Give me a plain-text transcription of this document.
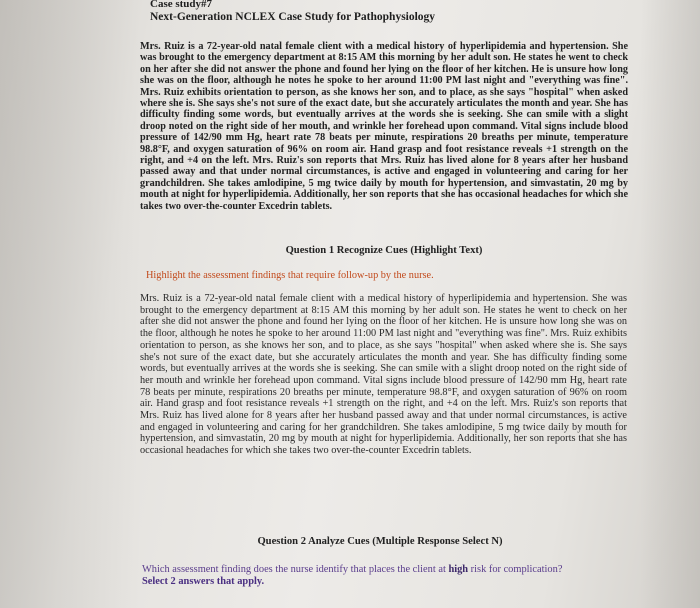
Case study#7
Next-Generation NCLEX Case Study for Pathophysiology

Mrs. Ruiz is a 72-year-old natal female client with a medical history of hyperlipidemia and hypertension. She was brought to the emergency department at 8:15 AM this morning by her adult son. He states he went to check on her after she did not answer the phone and found her lying on the floor of her kitchen. He is unsure how long she was on the floor, although he notes he spoke to her around 11:00 PM last night and "everything was fine". Mrs. Ruiz exhibits orientation to person, as she knows her son, and to place, as she says "hospital" when asked where she is. She says she's not sure of the exact date, but she accurately articulates the month and year. She has difficulty finding some words, but eventually arrives at the words she is seeking. She can smile with a slight droop noted on the right side of her mouth, and wrinkle her forehead upon command. Vital signs include blood pressure of 142/90 mm Hg, heart rate 78 beats per minute, respirations 20 breaths per minute, temperature 98.8°F, and oxygen saturation of 96% on room air. Hand grasp and foot resistance reveals +1 strength on the right, and +4 on the left. Mrs. Ruiz's son reports that Mrs. Ruiz has lived alone for 8 years after her husband passed away and that under normal circumstances, is active and engaged in volunteering and caring for her grandchildren. She takes amlodipine, 5 mg twice daily by mouth for hypertension, and simvastatin, 20 mg by mouth at night for hyperlipidemia. Additionally, her son reports that she has occasional headaches for which she takes two over-the-counter Excedrin tablets.

Question 1 Recognize Cues (Highlight Text)
Highlight the assessment findings that require follow-up by the nurse.

Mrs. Ruiz is a 72-year-old natal female client with a medical history of hyperlipidemia and hypertension. She was brought to the emergency department at 8:15 AM this morning by her adult son. He states he went to check on her after she did not answer the phone and found her lying on the floor of her kitchen. He is unsure how long she was on the floor, although he notes he spoke to her around 11:00 PM last night and "everything was fine". Mrs. Ruiz exhibits orientation to person, as she knows her son, and to place, as she says "hospital" when asked where she is. She says she's not sure of the exact date, but she accurately articulates the month and year. She has difficulty finding some words, but eventually arrives at the words she is seeking. She can smile with a slight droop noted on the right side of her mouth and wrinkle her forehead upon command. Vital signs include blood pressure of 142/90 mm Hg, heart rate 78 beats per minute, respirations 20 breaths per minute, temperature 98.8°F, and oxygen saturation of 96% on room air. Hand grasp and foot resistance reveals +1 strength on the right, and +4 on the left. Mrs. Ruiz's son reports that Mrs. Ruiz has lived alone for 8 years after her husband passed away and that under normal circumstances, is active and engaged in volunteering and caring for her grandchildren. She takes amlodipine, 5 mg twice daily by mouth for hypertension, and simvastatin, 20 mg by mouth at night for hyperlipidemia. Additionally, her son reports that she has occasional headaches for which she takes two over-the-counter Excedrin tablets.

Question 2 Analyze Cues (Multiple Response Select N)
Which assessment finding does the nurse identify that places the client at high risk for complication?
Select 2 answers that apply.
